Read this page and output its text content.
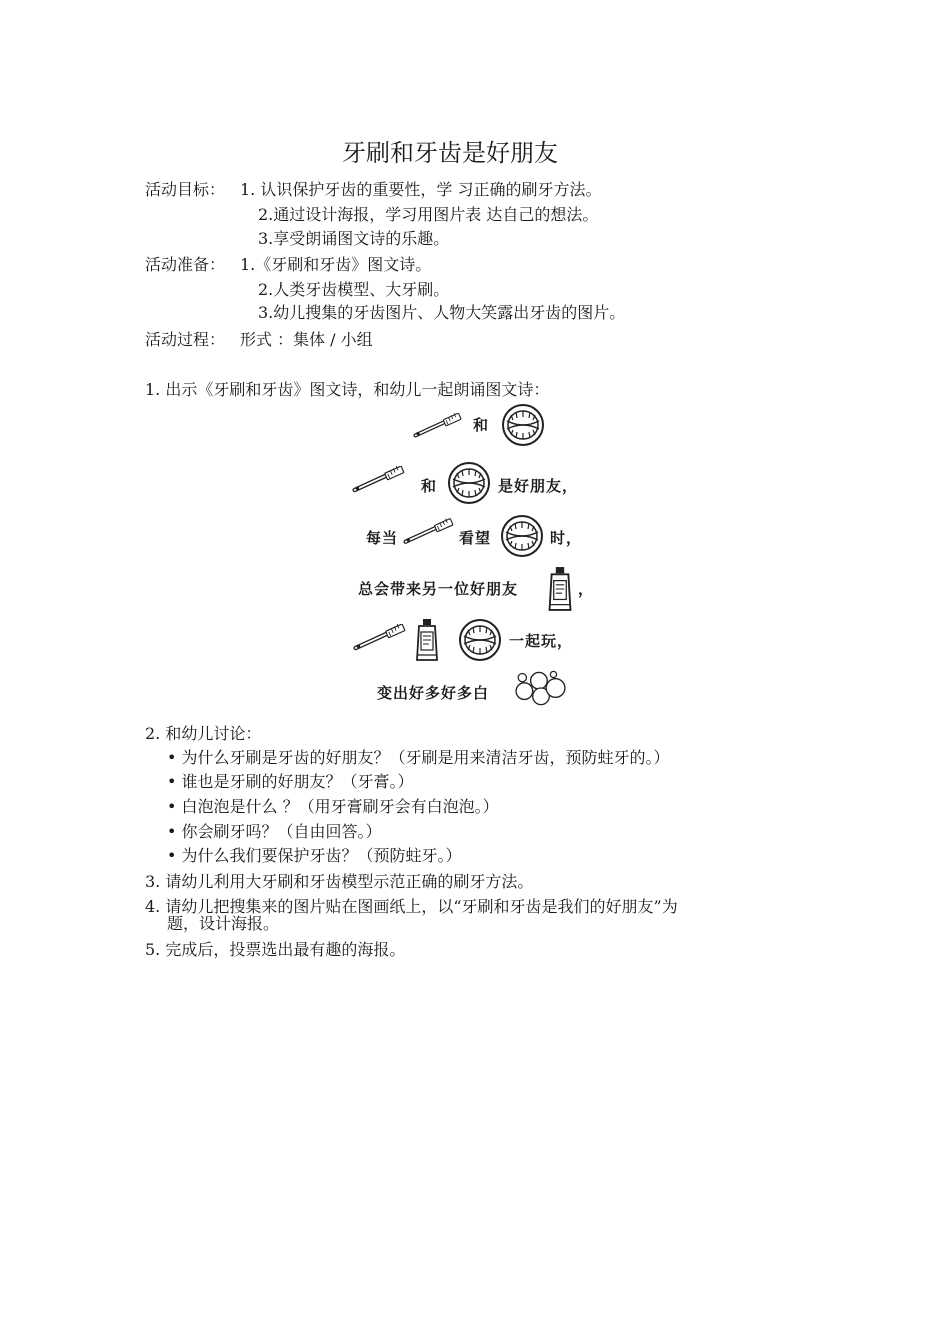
牙刷和牙齿是好朋友
活动目标： 1. 认识保护牙齿的重要性，学 习正确的刷牙方法。
2.通过设计海报，学习用图片表 达自己的想法。
3.享受朗诵图文诗的乐趣。
活动准备： 1.《牙刷和牙齿》图文诗。
2.人类牙齿模型、大牙刷。
3.幼儿搜集的牙齿图片、人物大笑露出牙齿的图片。
活动过程： 形式 ：集体 / 小组
1. 出示《牙刷和牙齿》图文诗，和幼儿一起朗诵图文诗：
和
和	是好朋友，
每当	看望	时，
总会带来另一位好朋友	，
一起玩，
变出好多好多白
2. 和幼儿讨论：
• 为什么牙刷是牙齿的好朋友？（牙刷是用来清洁牙齿，预防蛀牙的。）
• 谁也是牙刷的好朋友？（牙膏。）
• 白泡泡是什么 ？（用牙膏刷牙会有白泡泡。）
• 你会刷牙吗？（自由回答。）
• 为什么我们要保护牙齿？（预防蛀牙。）
3. 请幼儿利用大牙刷和牙齿模型示范正确的刷牙方法。
4. 请幼儿把搜集来的图片贴在图画纸上，以“牙刷和牙齿是我们的好朋友”为
题，设计海报。
5. 完成后，投票选出最有趣的海报。
